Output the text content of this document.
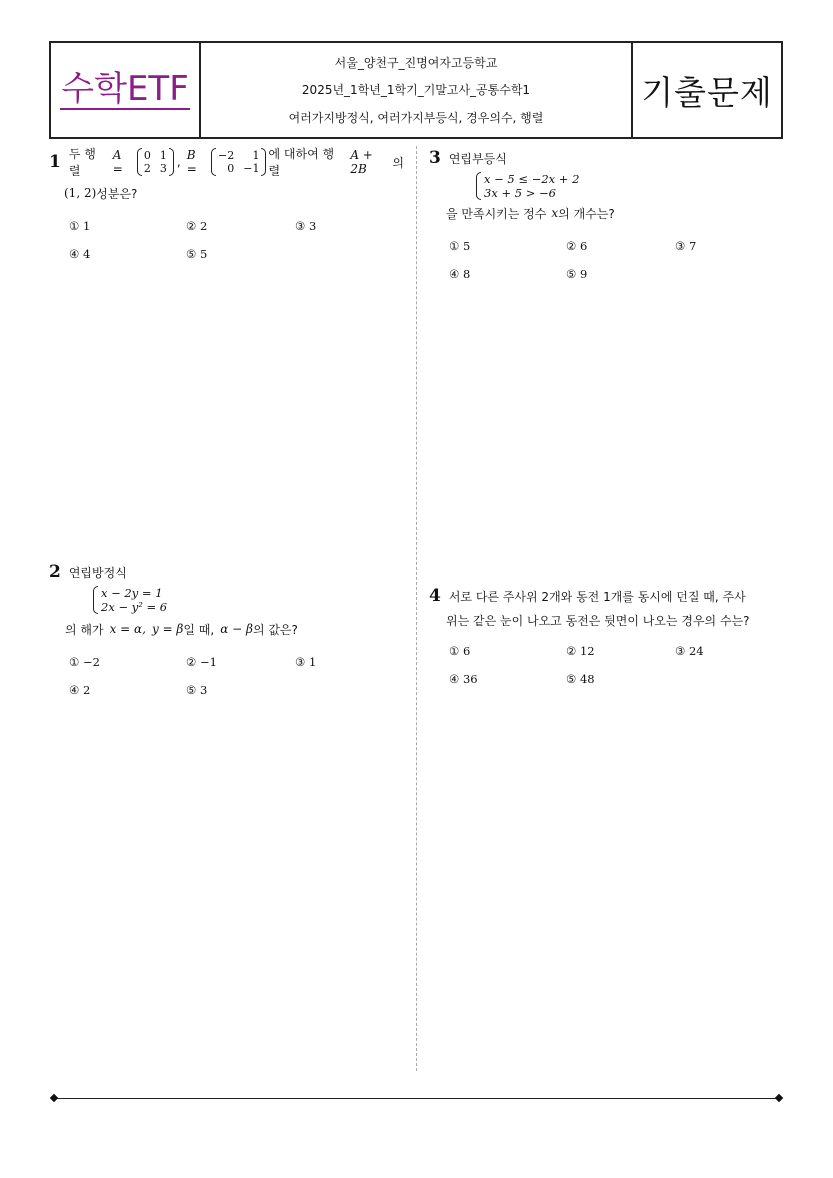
수학ETF
서울_양천구_진명여자고등학교
2025년_1학년_1학기_기말고사_공통수학1
여러가지방정식, 여러가지부등식, 경우의수, 행렬
기출문제
1 두 행렬
A =
0 1
2 3 , B =
−2	1
0 −1
에 대하여 행렬
A + 2B	의
(1, 2) 성분은?
① 1	② 2	③ 3
④ 4	⑤ 5
2 연립방정식
x − 2y = 1
2x − y² = 6
의 해가 x = α, y = β 일 때, α − β 의 값은?
① −2	② −1	③ 1
④ 2	⑤ 3
3 연립부등식
x − 5 ≤ −2x + 2
3x + 5 > −6
을 만족시키는 정수 x 의 개수는?
① 5	② 6	③ 7
④ 8	⑤ 9
4 서로 다른 주사위 2개와 동전 1개를 동시에 던질 때, 주사
위는 같은 눈이 나오고 동전은 뒷면이 나오는 경우의 수는?
① 6	② 12	③ 24
④ 36	⑤ 48
